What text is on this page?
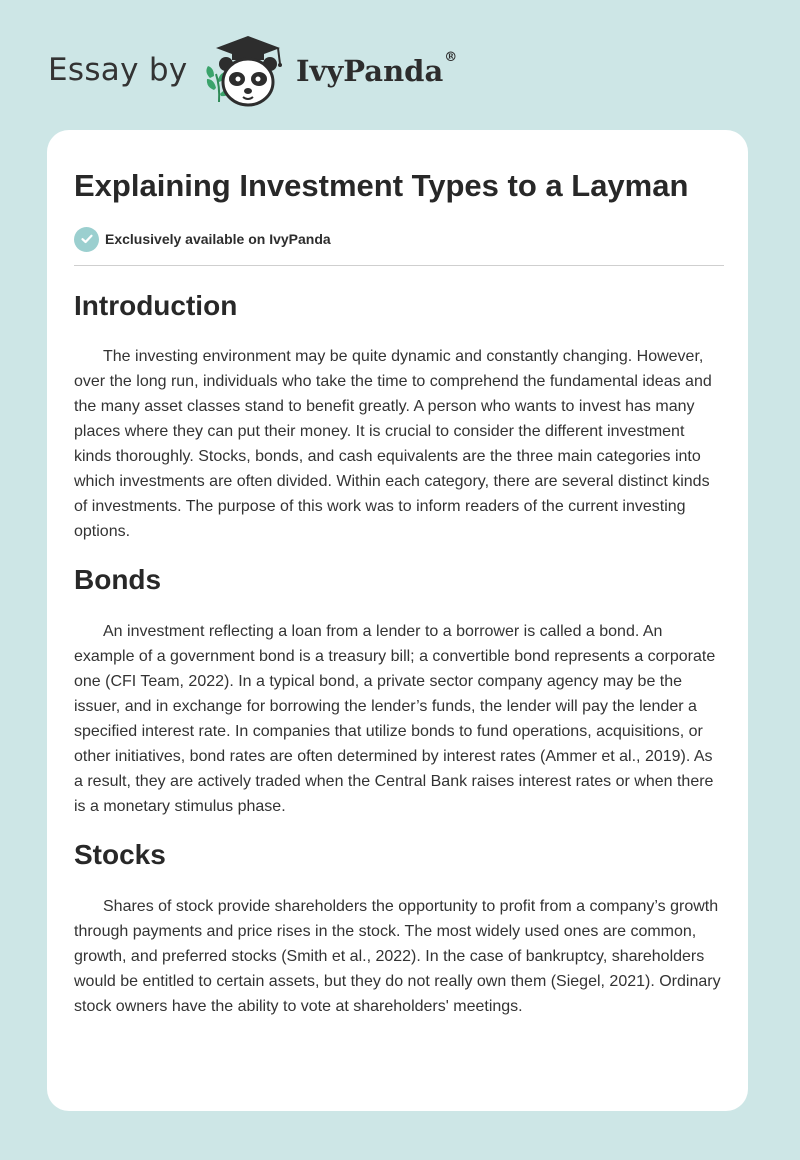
Essay by	IvyPanda®
Explaining Investment Types to a Layman
Exclusively available on IvyPanda
Introduction

The investing environment may be quite dynamic and constantly changing. However, over the long run, individuals who take the time to comprehend the fundamental ideas and the many asset classes stand to benefit greatly. A person who wants to invest has many places where they can put their money. It is crucial to consider the different investment kinds thoroughly. Stocks, bonds, and cash equivalents are the three main categories into which investments are often divided. Within each category, there are several distinct kinds of investments. The purpose of this work was to inform readers of the current investing options.

Bonds

An investment reflecting a loan from a lender to a borrower is called a bond. An example of a government bond is a treasury bill; a convertible bond represents a corporate one (CFI Team, 2022). In a typical bond, a private sector company agency may be the issuer, and in exchange for borrowing the lender’s funds, the lender will pay the lender a specified interest rate. In companies that utilize bonds to fund operations, acquisitions, or other initiatives, bond rates are often determined by interest rates (Ammer et al., 2019). As a result, they are actively traded when the Central Bank raises interest rates or when there is a monetary stimulus phase.

Stocks

Shares of stock provide shareholders the opportunity to profit from a company’s growth through payments and price rises in the stock. The most widely used ones are common, growth, and preferred stocks (Smith et al., 2022). In the case of bankruptcy, shareholders would be entitled to certain assets, but they do not really own them (Siegel, 2021). Ordinary stock owners have the ability to vote at shareholders' meetings.
